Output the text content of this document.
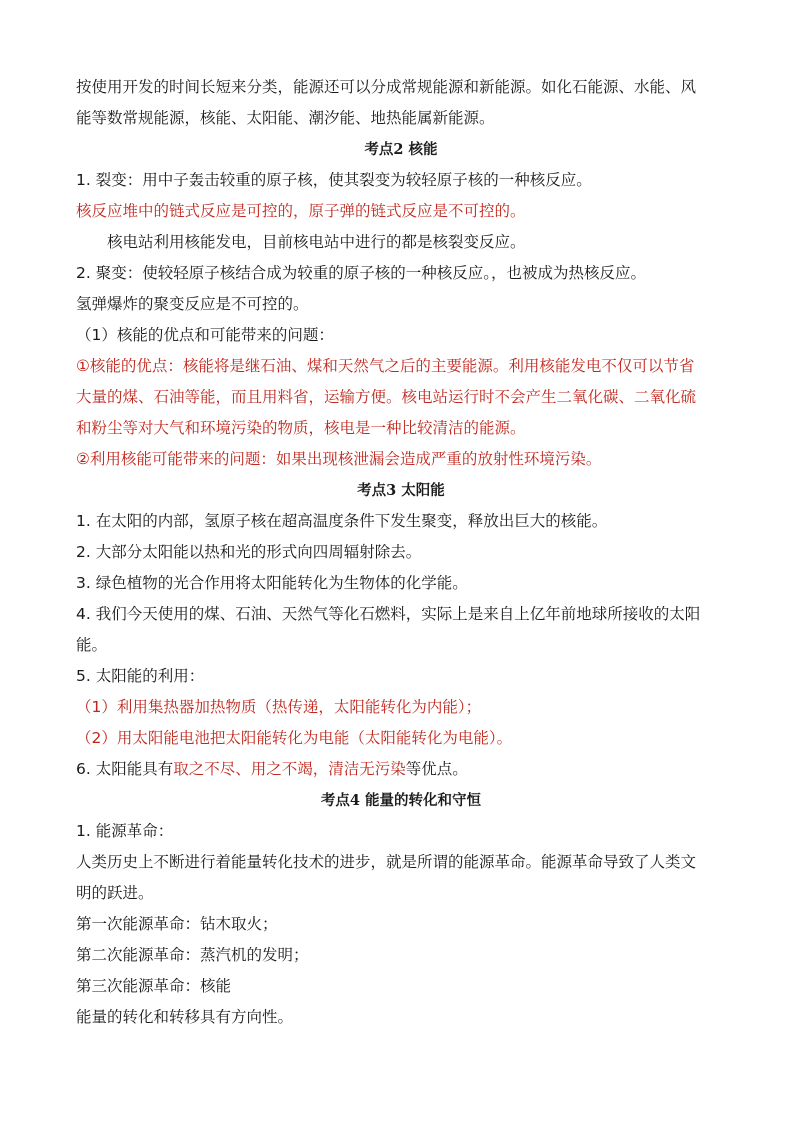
按使用开发的时间长短来分类，能源还可以分成常规能源和新能源。如化石能源、水能、风

能等数常规能源，核能、太阳能、潮汐能、地热能属新能源。

考点2 核能

1. 裂变：用中子轰击较重的原子核，使其裂变为较轻原子核的一种核反应。

核反应堆中的链式反应是可控的，原子弹的链式反应是不可控的。

核电站利用核能发电，目前核电站中进行的都是核裂变反应。

2. 聚变：使较轻原子核结合成为较重的原子核的一种核反应。，也被成为热核反应。

氢弹爆炸的聚变反应是不可控的。

（1）核能的优点和可能带来的问题：

①核能的优点：核能将是继石油、煤和天然气之后的主要能源。利用核能发电不仅可以节省

大量的煤、石油等能，而且用料省，运输方便。核电站运行时不会产生二氧化碳、二氧化硫

和粉尘等对大气和环境污染的物质，核电是一种比较清洁的能源。

②利用核能可能带来的问题：如果出现核泄漏会造成严重的放射性环境污染。

考点3 太阳能

1. 在太阳的内部，氢原子核在超高温度条件下发生聚变，释放出巨大的核能。

2. 大部分太阳能以热和光的形式向四周辐射除去。

3. 绿色植物的光合作用将太阳能转化为生物体的化学能。

4. 我们今天使用的煤、石油、天然气等化石燃料，实际上是来自上亿年前地球所接收的太阳

能。

5. 太阳能的利用：

（1）利用集热器加热物质（热传递，太阳能转化为内能）；

（2）用太阳能电池把太阳能转化为电能（太阳能转化为电能）。

6. 太阳能具有取之不尽、用之不竭，清洁无污染等优点。

考点4 能量的转化和守恒

1. 能源革命：

人类历史上不断进行着能量转化技术的进步，就是所谓的能源革命。能源革命导致了人类文

明的跃进。

第一次能源革命：钻木取火；

第二次能源革命：蒸汽机的发明；

第三次能源革命：核能

能量的转化和转移具有方向性。
